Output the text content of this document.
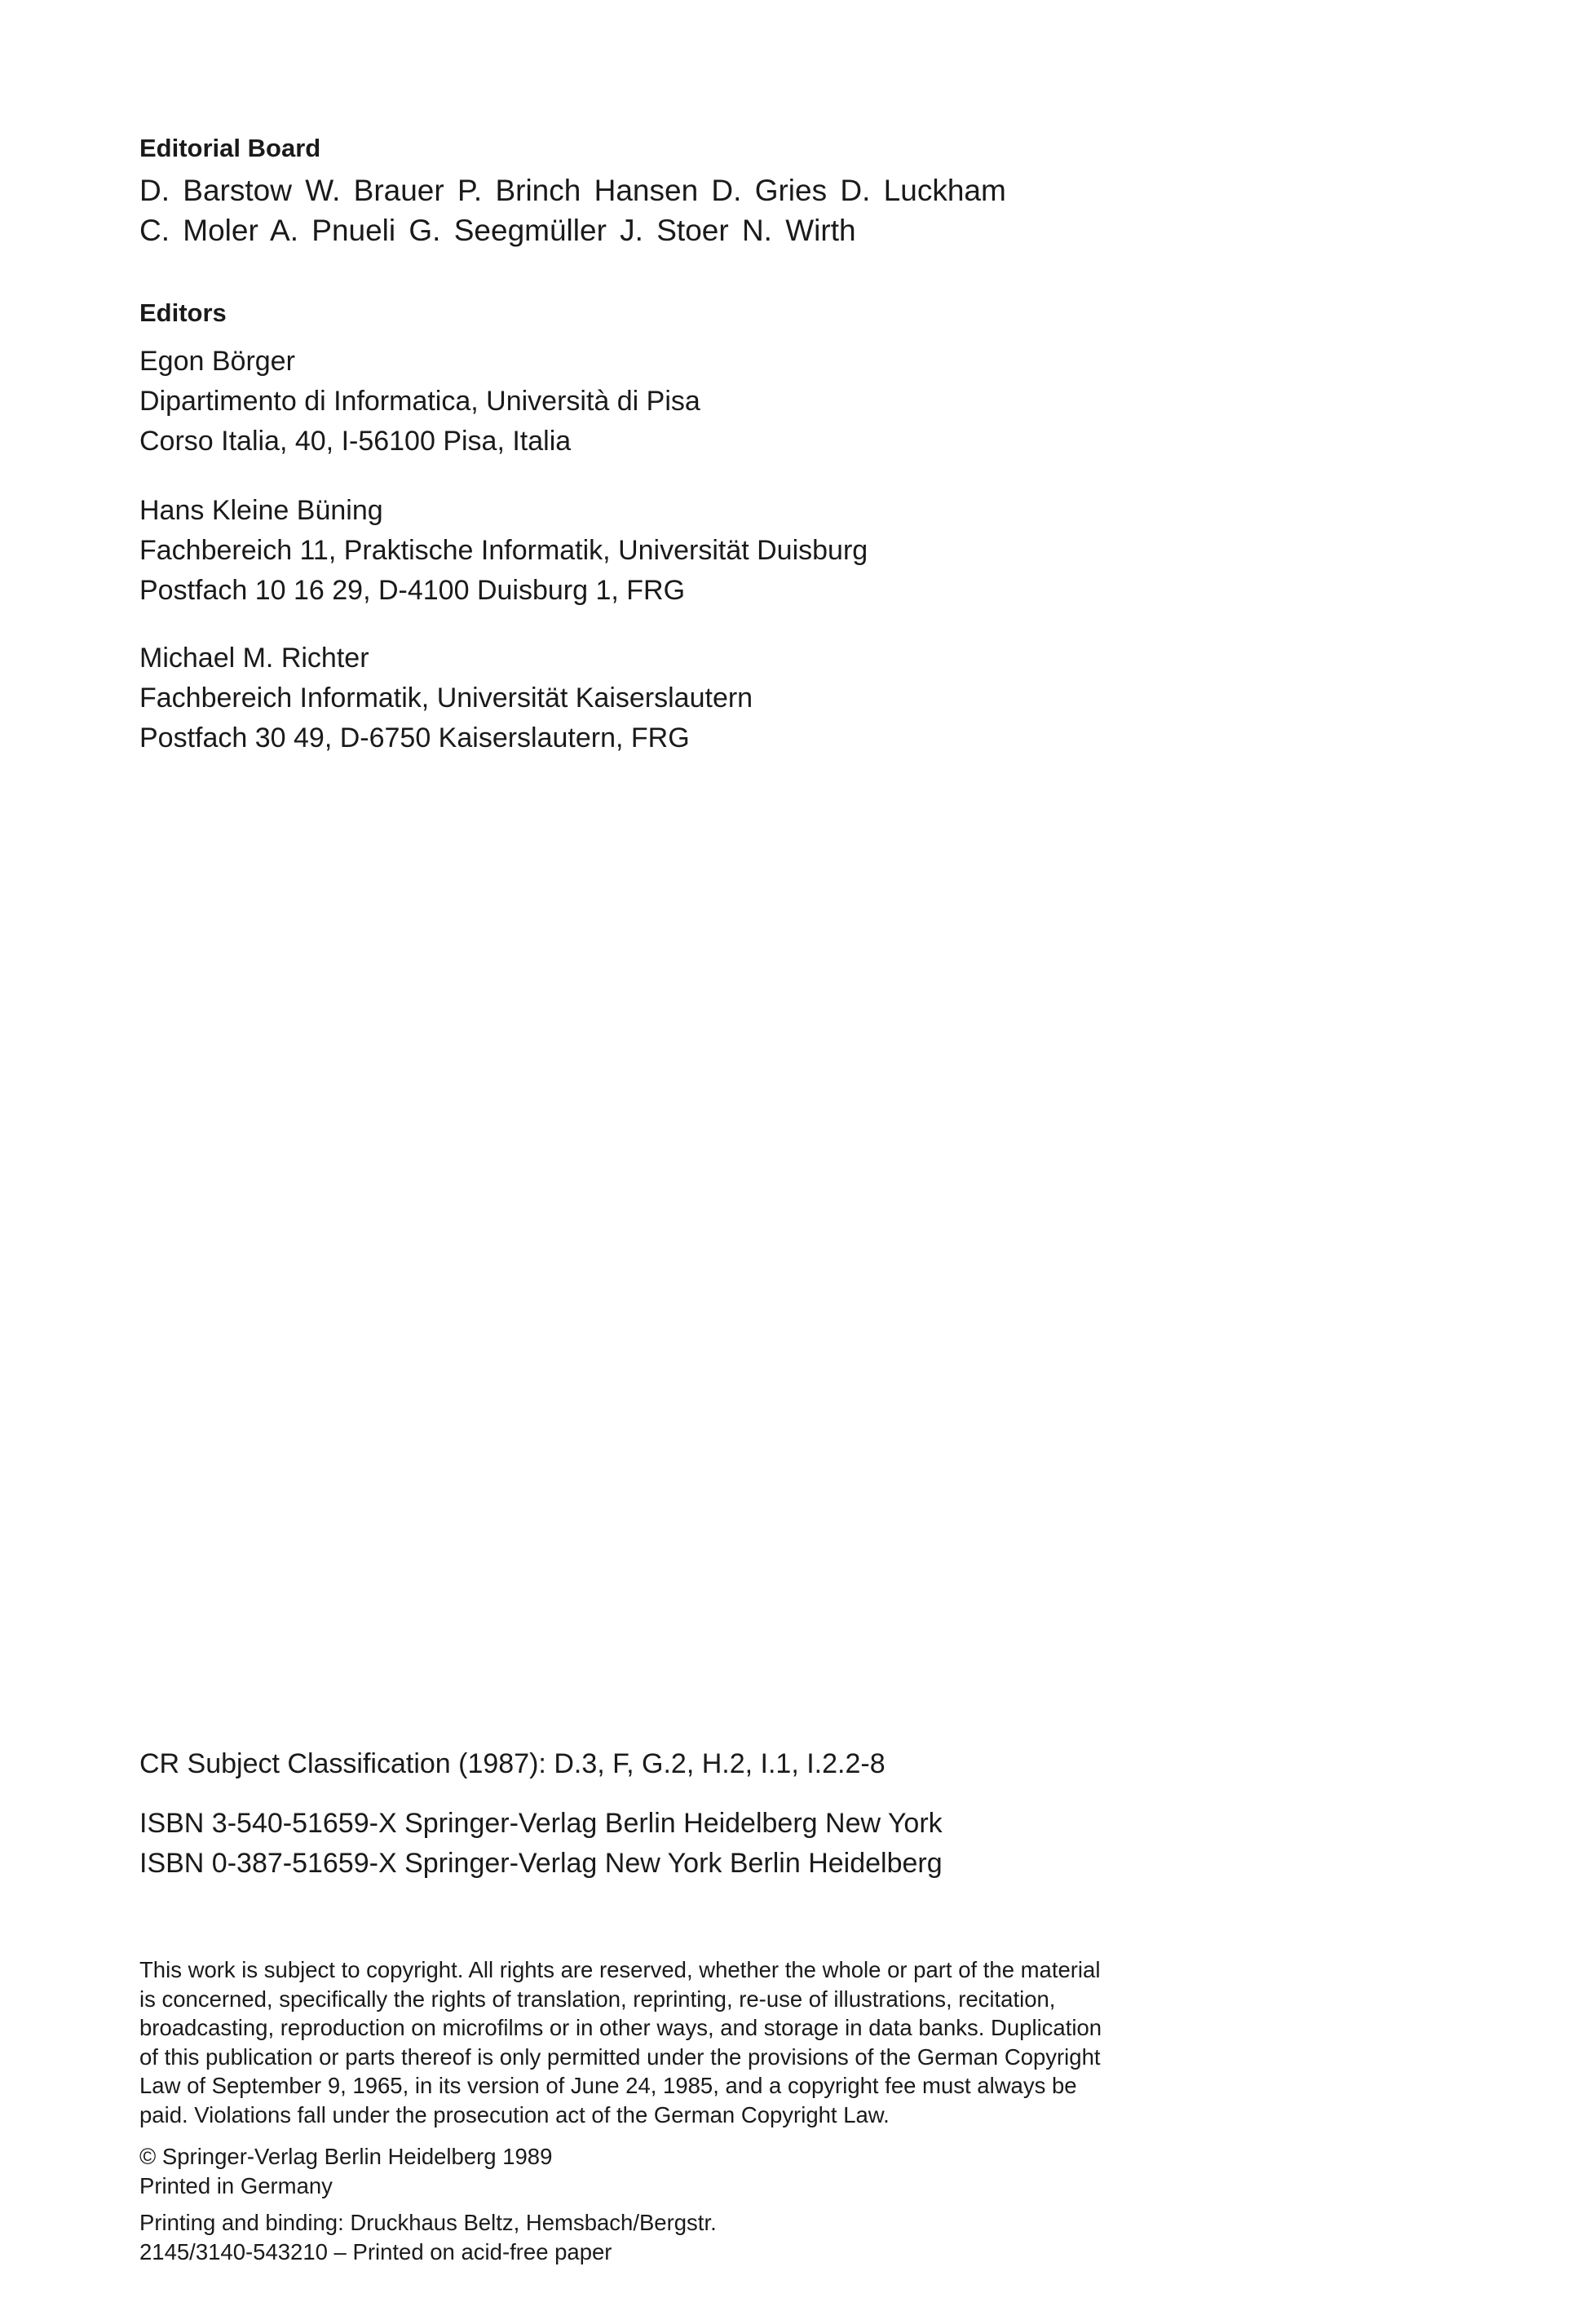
Editorial Board
D. Barstow W. Brauer P. Brinch Hansen D. Gries D. Luckham
C. Moler A. Pnueli G. Seegmüller J. Stoer N. Wirth
Editors
Egon Börger
Dipartimento di Informatica, Università di Pisa
Corso Italia, 40, I-56100 Pisa, Italia
Hans Kleine Büning
Fachbereich 11, Praktische Informatik, Universität Duisburg
Postfach 10 16 29, D-4100 Duisburg 1, FRG
Michael M. Richter
Fachbereich Informatik, Universität Kaiserslautern
Postfach 30 49, D-6750 Kaiserslautern, FRG
CR Subject Classification (1987): D.3, F, G.2, H.2, I.1, I.2.2-8
ISBN 3-540-51659-X Springer-Verlag Berlin Heidelberg New York
ISBN 0-387-51659-X Springer-Verlag New York Berlin Heidelberg
This work is subject to copyright. All rights are reserved, whether the whole or part of the material
is concerned, specifically the rights of translation, reprinting, re-use of illustrations, recitation,
broadcasting, reproduction on microfilms or in other ways, and storage in data banks. Duplication
of this publication or parts thereof is only permitted under the provisions of the German Copyright
Law of September 9, 1965, in its version of June 24, 1985, and a copyright fee must always be
paid. Violations fall under the prosecution act of the German Copyright Law.
© Springer-Verlag Berlin Heidelberg 1989
Printed in Germany
Printing and binding: Druckhaus Beltz, Hemsbach/Bergstr.
2145/3140-543210 – Printed on acid-free paper
